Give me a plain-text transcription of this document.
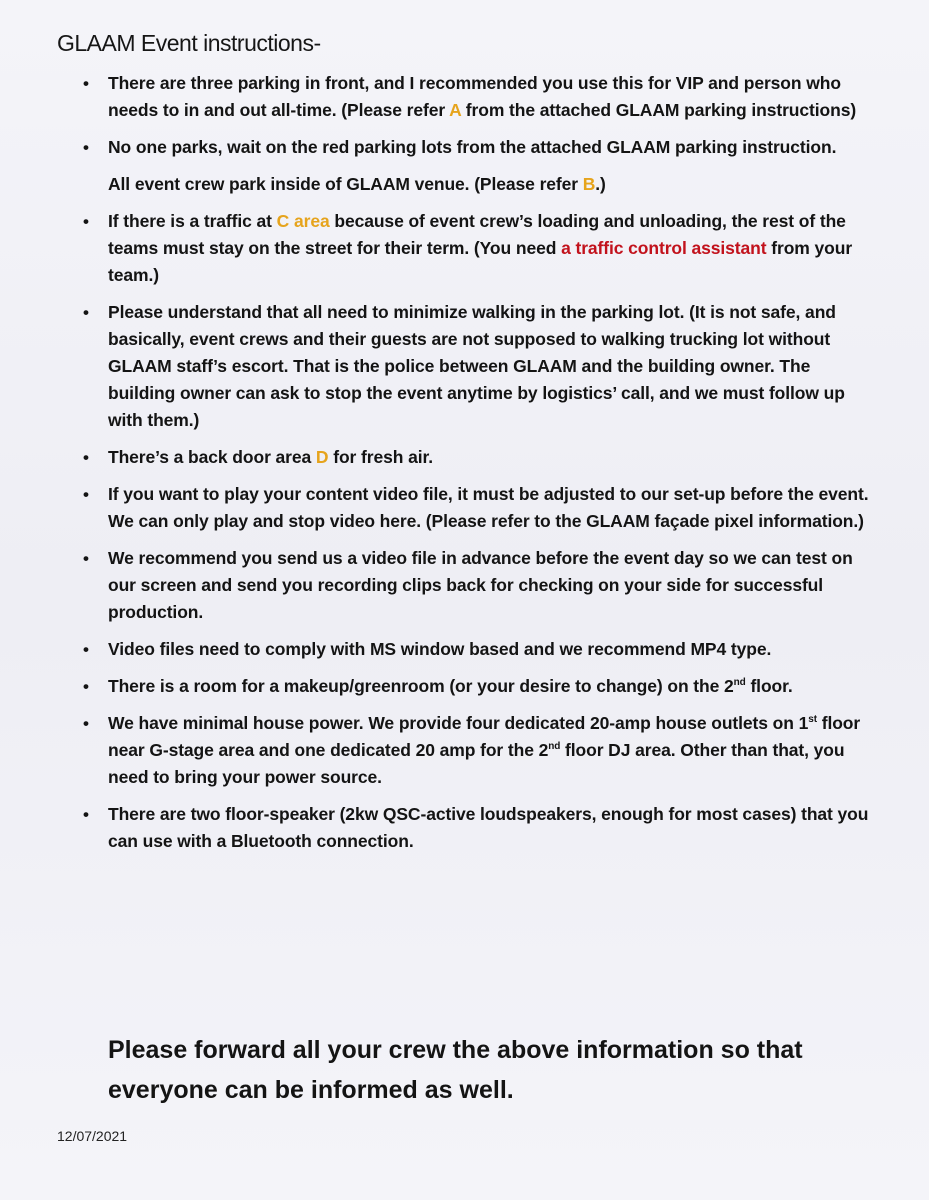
GLAAM Event instructions-
• There are three parking in front, and I recommended you use this for VIP and person who needs to in and out all-time. (Please refer A from the attached GLAAM parking instructions)
• No one parks, wait on the red parking lots from the attached GLAAM parking instruction.
All event crew park inside of GLAAM venue. (Please refer B.)
• If there is a traffic at C area because of event crew’s loading and unloading, the rest of the teams must stay on the street for their term. (You need a traffic control assistant from your team.)
• Please understand that all need to minimize walking in the parking lot. (It is not safe, and basically, event crews and their guests are not supposed to walking trucking lot without GLAAM staff’s escort. That is the police between GLAAM and the building owner. The building owner can ask to stop the event anytime by logistics’ call, and we must follow up with them.)
• There’s a back door area D for fresh air.
• If you want to play your content video file, it must be adjusted to our set-up before the event. We can only play and stop video here. (Please refer to the GLAAM façade pixel information.)
• We recommend you send us a video file in advance before the event day so we can test on our screen and send you recording clips back for checking on your side for successful production.
• Video files need to comply with MS window based and we recommend MP4 type.
• There is a room for a makeup/greenroom (or your desire to change) on the 2nd floor.
• We have minimal house power. We provide four dedicated 20-amp house outlets on 1st floor near G-stage area and one dedicated 20 amp for the 2nd floor DJ area. Other than that, you need to bring your power source.
• There are two floor-speaker (2kw QSC-active loudspeakers, enough for most cases) that you can use with a Bluetooth connection.
Please forward all your crew the above information so that everyone can be informed as well.
12/07/2021
